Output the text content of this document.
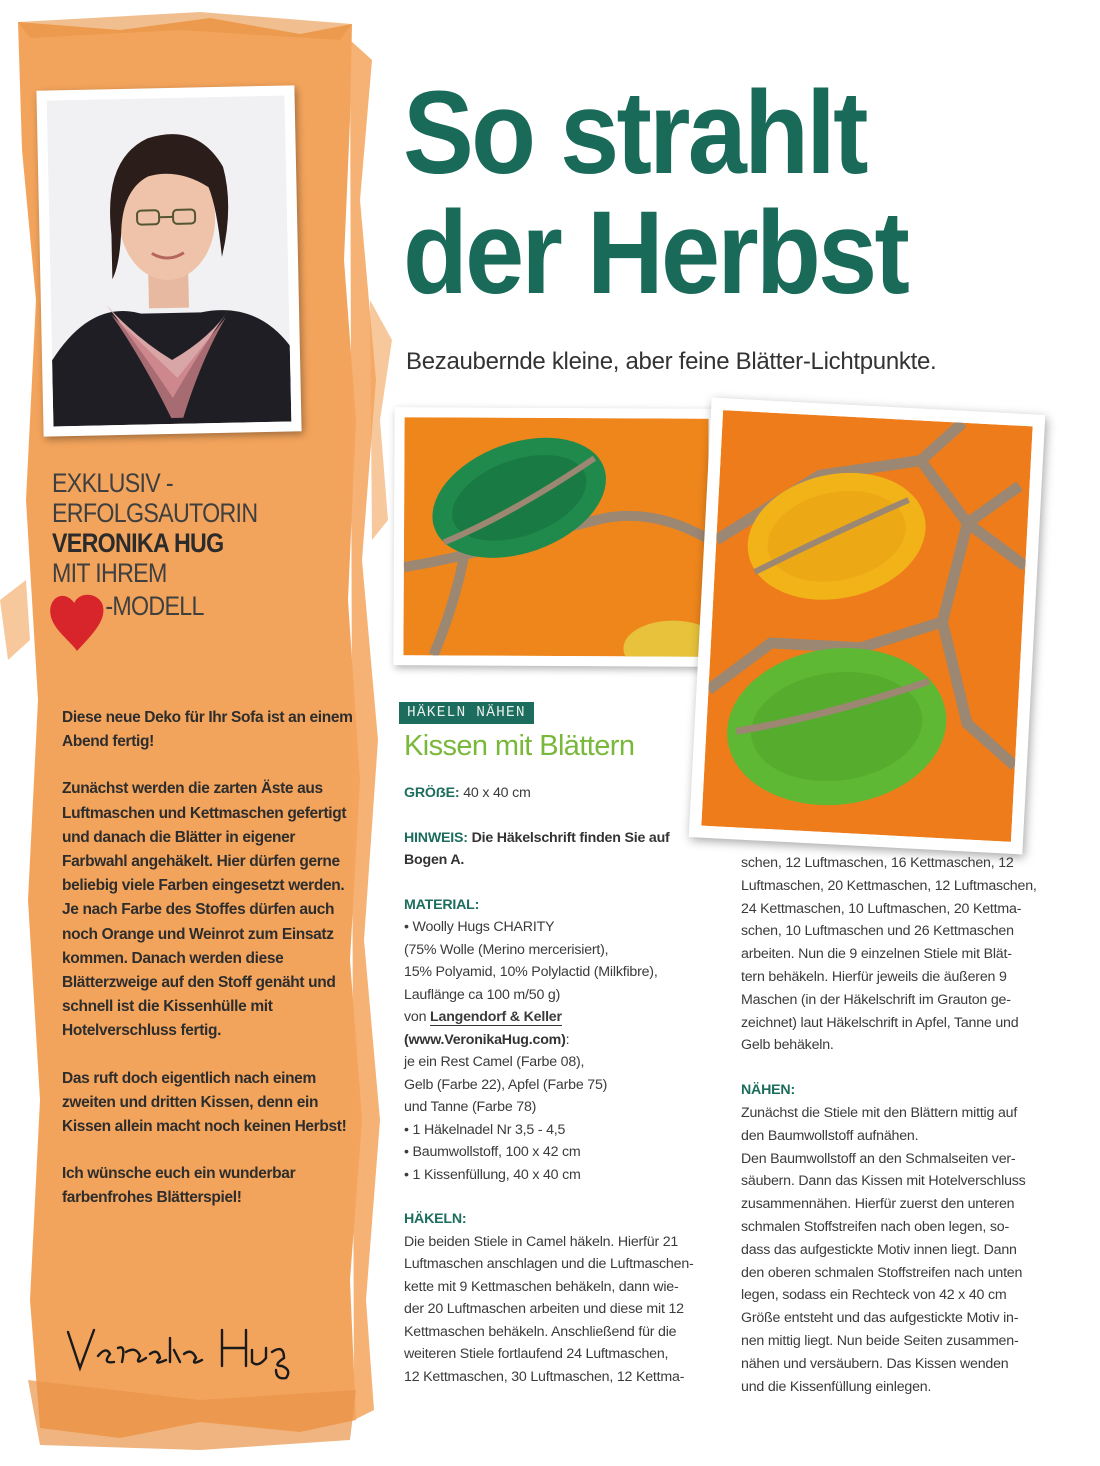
EXKLUSIV -
ERFOLGSAUTORIN
VERONIKA HUG
MIT IHREM
-MODELL

Diese neue Deko für Ihr Sofa ist an einem Abend fertig!

Zunächst werden die zarten Äste aus Luftmaschen und Kettmaschen gefertigt und danach die Blätter in eigener Farbwahl angehäkelt. Hier dürfen gerne beliebig viele Farben eingesetzt werden. Je nach Farbe des Stoffes dürfen auch noch Orange und Weinrot zum Einsatz kommen. Danach werden diese Blätterzweige auf den Stoff genäht und schnell ist die Kissenhülle mit Hotelverschluss fertig.

Das ruft doch eigentlich nach einem zweiten und dritten Kissen, denn ein Kissen allein macht noch keinen Herbst!

Ich wünsche euch ein wunderbar farbenfrohes Blätterspiel!

So strahlt
der Herbst
Bezaubernde kleine, aber feine Blätter-Lichtpunkte.
HÄKELN NÄHEN
Kissen mit Blättern
GRÖẞE: 40 x 40 cm
HINWEIS: Die Häkelschrift finden Sie auf Bogen A.
MATERIAL:
• Woolly Hugs CHARITY
(75% Wolle (Merino mercerisiert),
15% Polyamid, 10% Polylactid (Milkfibre),
Lauflänge ca 100 m/50 g)
von Langendorf & Keller
(www.VeronikaHug.com):
je ein Rest Camel (Farbe 08),
Gelb (Farbe 22), Apfel (Farbe 75)
und Tanne (Farbe 78)
• 1 Häkelnadel Nr 3,5 - 4,5
• Baumwollstoff, 100 x 42 cm
• 1 Kissenfüllung, 40 x 40 cm
HÄKELN:
Die beiden Stiele in Camel häkeln. Hierfür 21
Luftmaschen anschlagen und die Luftmaschen-
kette mit 9 Kettmaschen behäkeln, dann wie-
der 20 Luftmaschen arbeiten und diese mit 12
Kettmaschen behäkeln. Anschließend für die
weiteren Stiele fortlaufend 24 Luftmaschen,
12 Kettmaschen, 30 Luftmaschen, 12 Kettma-
schen, 12 Luftmaschen, 16 Kettmaschen, 12
Luftmaschen, 20 Kettmaschen, 12 Luftmaschen,
24 Kettmaschen, 10 Luftmaschen, 20 Kettma-
schen, 10 Luftmaschen und 26 Kettmaschen
arbeiten. Nun die 9 einzelnen Stiele mit Blät-
tern behäkeln. Hierfür jeweils die äußeren 9
Maschen (in der Häkelschrift im Grauton ge-
zeichnet) laut Häkelschrift in Apfel, Tanne und
Gelb behäkeln.
NÄHEN:
Zunächst die Stiele mit den Blättern mittig auf
den Baumwollstoff aufnähen.
Den Baumwollstoff an den Schmalseiten ver-
säubern. Dann das Kissen mit Hotelverschluss
zusammennähen. Hierfür zuerst den unteren
schmalen Stoffstreifen nach oben legen, so-
dass das aufgestickte Motiv innen liegt. Dann
den oberen schmalen Stoffstreifen nach unten
legen, sodass ein Rechteck von 42 x 40 cm
Größe entsteht und das aufgestickte Motiv in-
nen mittig liegt. Nun beide Seiten zusammen-
nähen und versäubern. Das Kissen wenden
und die Kissenfüllung einlegen.
